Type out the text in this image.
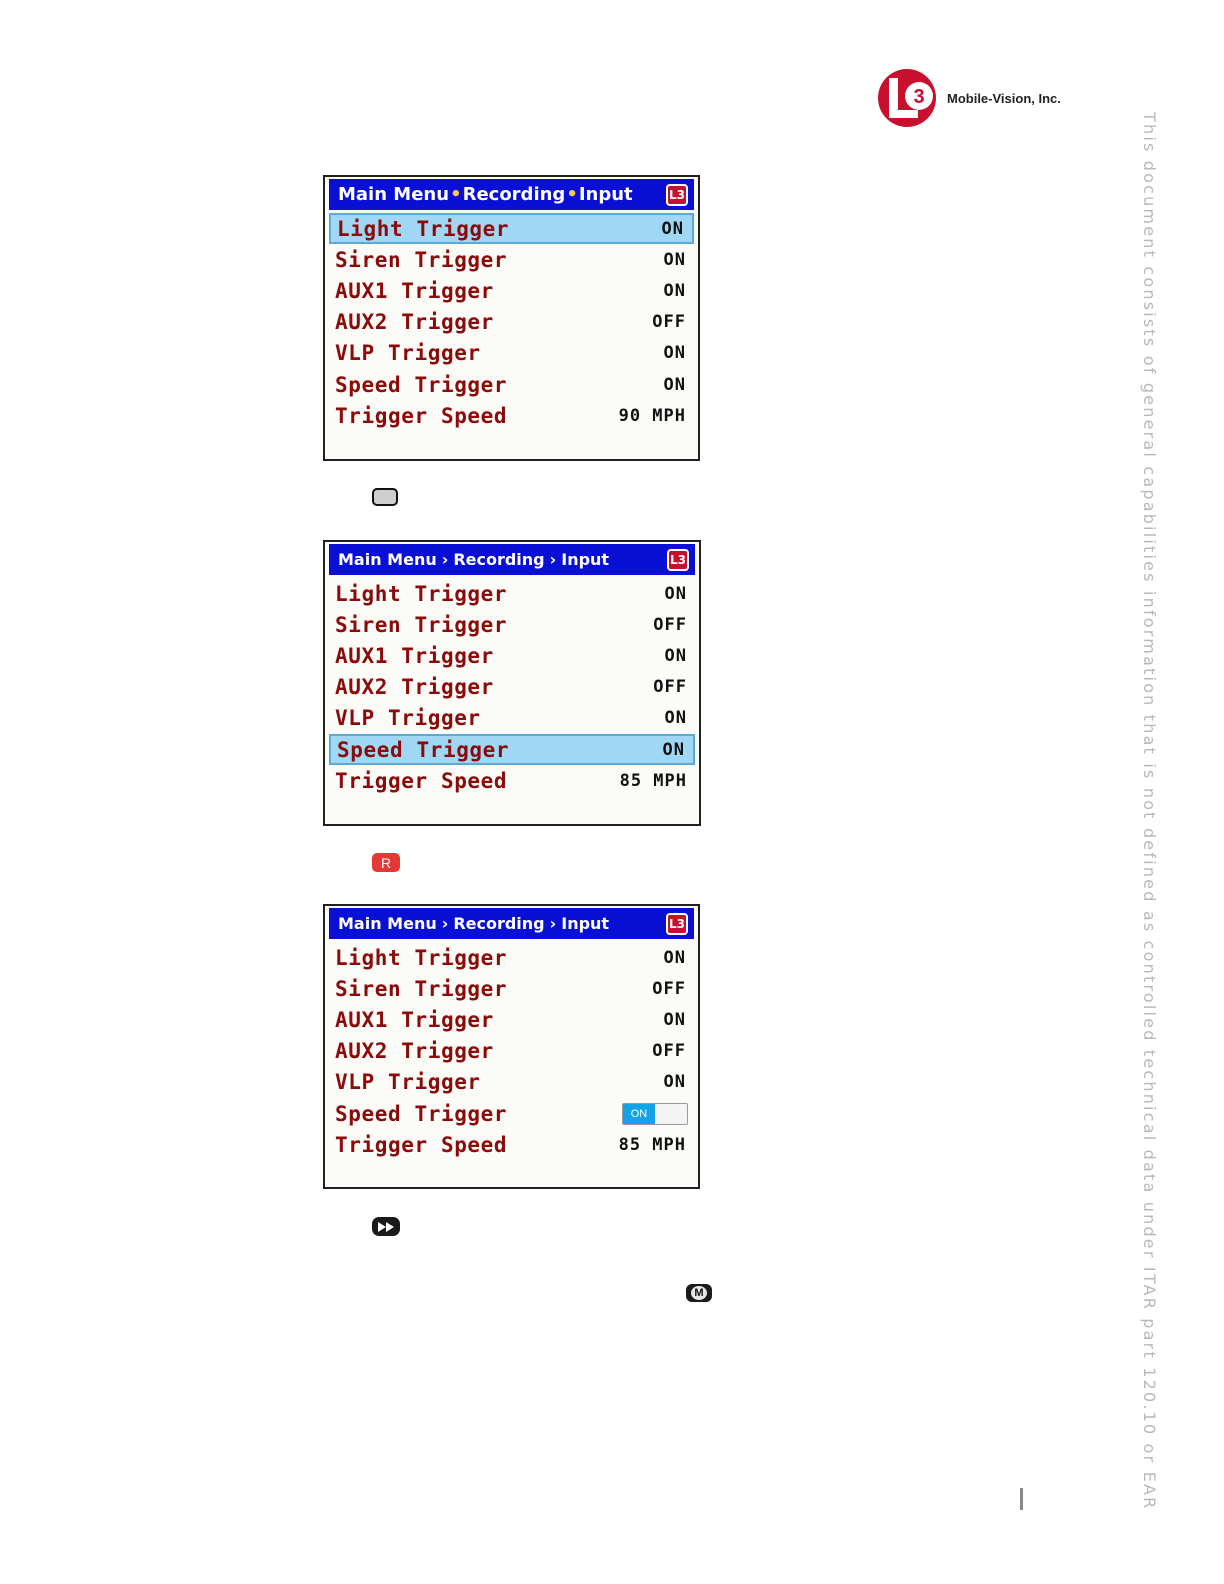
3 Mobile-Vision, Inc.
This document consists of general capabilities information that is not defined as controlled technical data under ITAR part 120.10 or EAR
Main Menu • Recording • Input	L3
Light Trigger	ON
Siren Trigger	ON
AUX1 Trigger	ON
AUX2 Trigger	OFF
VLP Trigger	ON
Speed Trigger	ON
Trigger Speed	90 MPH
Main Menu › Recording › Input	L3
Light Trigger	ON
Siren Trigger	OFF
AUX1 Trigger	ON
AUX2 Trigger	OFF
VLP Trigger	ON
Speed Trigger	ON
Trigger Speed	85 MPH
R
Main Menu › Recording › Input	L3
Light Trigger	ON
Siren Trigger	OFF
AUX1 Trigger	ON
AUX2 Trigger	OFF
VLP Trigger	ON
Speed Trigger	ON
Trigger Speed	85 MPH
M
